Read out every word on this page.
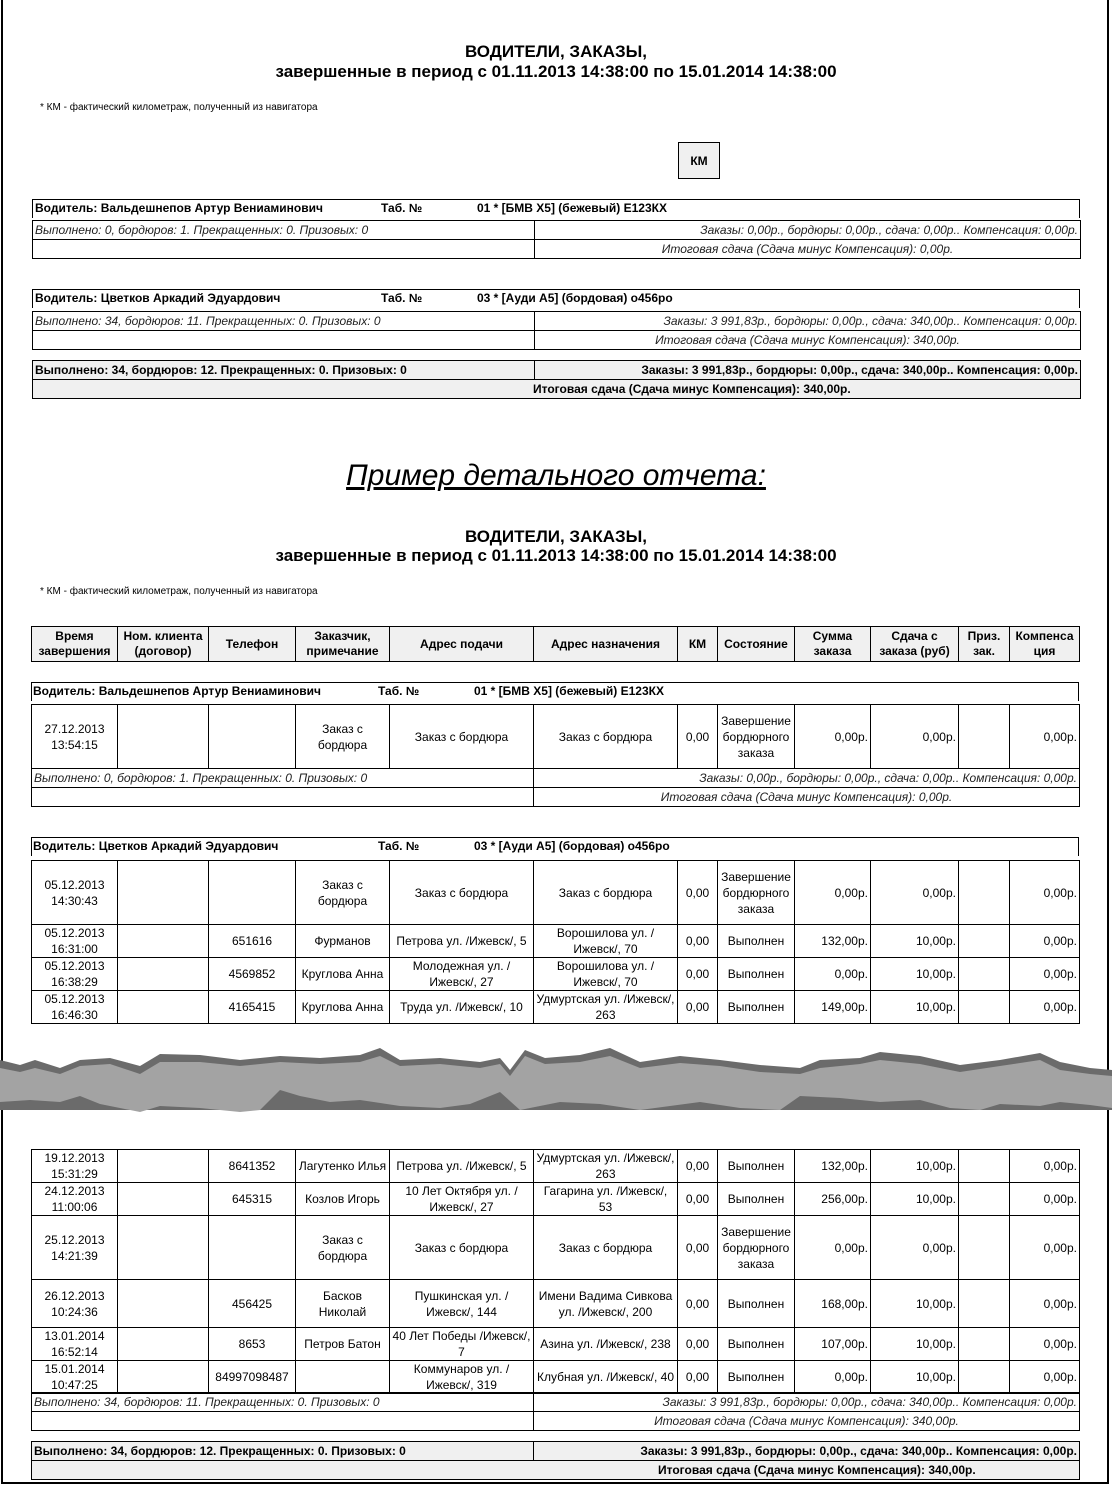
ВОДИТЕЛИ, ЗАКАЗЫ,
завершенные в период с 01.11.2013 14:38:00 по 15.01.2014 14:38:00
* КМ - фактический километраж, полученный из навигатора
КМ
Водитель: Вальдешнепов Артур Вениаминович	Таб. №	01 * [БМВ Х5] (бежевый) Е123КХ
Выполнено: 0, бордюров: 1. Прекращенных: 0. Призовых: 0	Заказы: 0,00р., бордюры: 0,00р., сдача: 0,00р.. Компенсация: 0,00р.
	Итоговая сдача (Сдача минус Компенсация): 0,00р.
Водитель: Цветков Аркадий Эдуардович	Таб. №	03 * [Ауди А5] (бордовая) о456ро
Выполнено: 34, бордюров: 11. Прекращенных: 0. Призовых: 0	Заказы: 3 991,83р., бордюры: 0,00р., сдача: 340,00р.. Компенсация: 0,00р.
	Итоговая сдача (Сдача минус Компенсация): 340,00р.
Выполнено: 34, бордюров: 12. Прекращенных: 0. Призовых: 0	Заказы: 3 991,83р., бордюры: 0,00р., сдача: 340,00р.. Компенсация: 0,00р.
Итоговая сдача (Сдача минус Компенсация): 340,00р.
Пример детального отчета:
ВОДИТЕЛИ, ЗАКАЗЫ,
завершенные в период с 01.11.2013 14:38:00 по 15.01.2014 14:38:00
* КМ - фактический километраж, полученный из навигатора
Время завершения	Ном. клиента (договор)	Телефон	Заказчик, примечание	Адрес подачи	Адрес назначения	КМ	Состояние	Сумма заказа	Сдача с заказа (руб)	Приз. зак.	Компенса ция
Водитель: Вальдешнепов Артур Вениаминович	Таб. №	01 * [БМВ Х5] (бежевый) Е123КХ
27.12.2013 13:54:15			Заказ с бордюра	Заказ с бордюра	Заказ с бордюра	0,00	Завершение бордюрного заказа	0,00р.	0,00р.		0,00р.
Выполнено: 0, бордюров: 1. Прекращенных: 0. Призовых: 0	Заказы: 0,00р., бордюры: 0,00р., сдача: 0,00р.. Компенсация: 0,00р.
	Итоговая сдача (Сдача минус Компенсация): 0,00р.
Водитель: Цветков Аркадий Эдуардович	Таб. №	03 * [Ауди А5] (бордовая) о456ро
05.12.2013 14:30:43			Заказ с бордюра	Заказ с бордюра	Заказ с бордюра	0,00	Завершение бордюрного заказа	0,00р.	0,00р.		0,00р.
05.12.2013 16:31:00		651616	Фурманов	Петрова ул. /Ижевск/, 5	Ворошилова ул. /Ижевск/, 70	0,00	Выполнен	132,00р.	10,00р.		0,00р.
05.12.2013 16:38:29		4569852	Круглова Анна	Молодежная ул. /Ижевск/, 27	Ворошилова ул. /Ижевск/, 70	0,00	Выполнен	0,00р.	10,00р.		0,00р.
05.12.2013 16:46:30		4165415	Круглова Анна	Труда ул. /Ижевск/, 10	Удмуртская ул. /Ижевск/, 263	0,00	Выполнен	149,00р.	10,00р.		0,00р.
19.12.2013 15:31:29		8641352	Лагутенко Илья	Петрова ул. /Ижевск/, 5	Удмуртская ул. /Ижевск/, 263	0,00	Выполнен	132,00р.	10,00р.		0,00р.
24.12.2013 11:00:06		645315	Козлов Игорь	10 Лет Октября ул. /Ижевск/, 27	Гагарина ул. /Ижевск/, 53	0,00	Выполнен	256,00р.	10,00р.		0,00р.
25.12.2013 14:21:39			Заказ с бордюра	Заказ с бордюра	Заказ с бордюра	0,00	Завершение бордюрного заказа	0,00р.	0,00р.		0,00р.
26.12.2013 10:24:36		456425	Басков Николай	Пушкинская ул. /Ижевск/, 144	Имени Вадима Сивкова ул. /Ижевск/, 200	0,00	Выполнен	168,00р.	10,00р.		0,00р.
13.01.2014 16:52:14		8653	Петров Батон	40 Лет Победы /Ижевск/, 7	Азина ул. /Ижевск/, 238	0,00	Выполнен	107,00р.	10,00р.		0,00р.
15.01.2014 10:47:25		84997098487		Коммунаров ул. /Ижевск/, 319	Клубная ул. /Ижевск/, 40	0,00	Выполнен	0,00р.	10,00р.		0,00р.
Выполнено: 34, бордюров: 11. Прекращенных: 0. Призовых: 0	Заказы: 3 991,83р., бордюры: 0,00р., сдача: 340,00р.. Компенсация: 0,00р.
	Итоговая сдача (Сдача минус Компенсация): 340,00р.
Выполнено: 34, бордюров: 12. Прекращенных: 0. Призовых: 0	Заказы: 3 991,83р., бордюры: 0,00р., сдача: 340,00р.. Компенсация: 0,00р.
Итоговая сдача (Сдача минус Компенсация): 340,00р.
